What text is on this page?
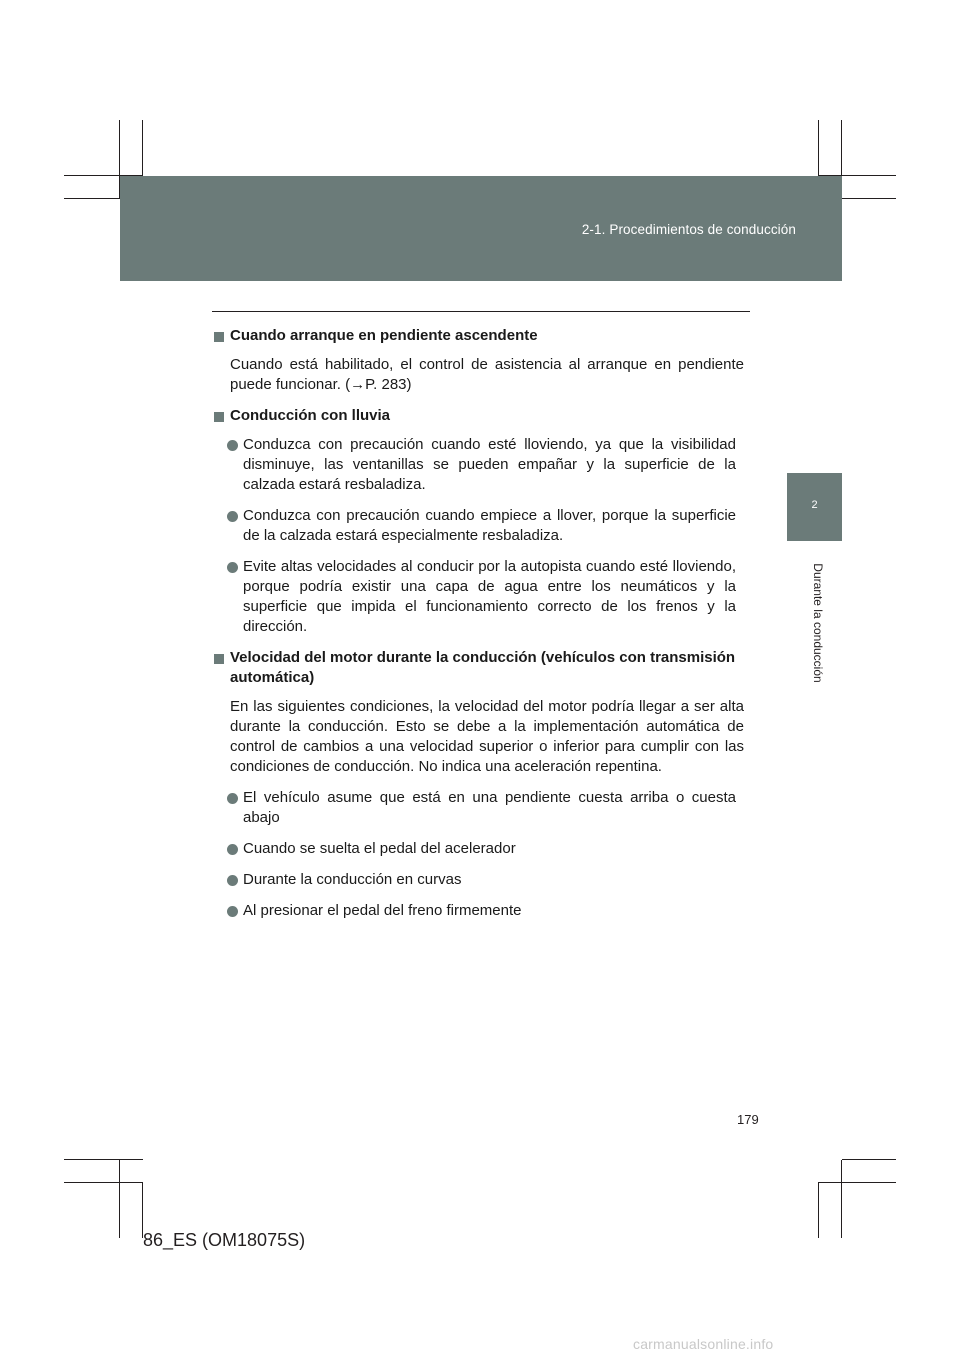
2-1. Procedimientos de conducción
2
Durante la conducción
Cuando arranque en pendiente ascendente
Cuando está habilitado, el control de asistencia al arranque en pendiente puede funcionar. (→P. 283)
Conducción con lluvia
Conduzca con precaución cuando esté lloviendo, ya que la visibilidad disminuye, las ventanillas se pueden empañar y la superficie de la calzada estará resbaladiza.
Conduzca con precaución cuando empiece a llover, porque la superficie de la calzada estará especialmente resbaladiza.
Evite altas velocidades al conducir por la autopista cuando esté lloviendo, porque podría existir una capa de agua entre los neumáticos y la superficie que impida el funcionamiento correcto de los frenos y la dirección.
Velocidad del motor durante la conducción (vehículos con transmisión automática)
En las siguientes condiciones, la velocidad del motor podría llegar a ser alta durante la conducción. Esto se debe a la implementación automática de control de cambios a una velocidad superior o inferior para cumplir con las condiciones de conducción. No indica una aceleración repentina.
El vehículo asume que está en una pendiente cuesta arriba o cuesta abajo
Cuando se suelta el pedal del acelerador
Durante la conducción en curvas
Al presionar el pedal del freno firmemente
179
86_ES (OM18075S)
carmanualsonline.info
